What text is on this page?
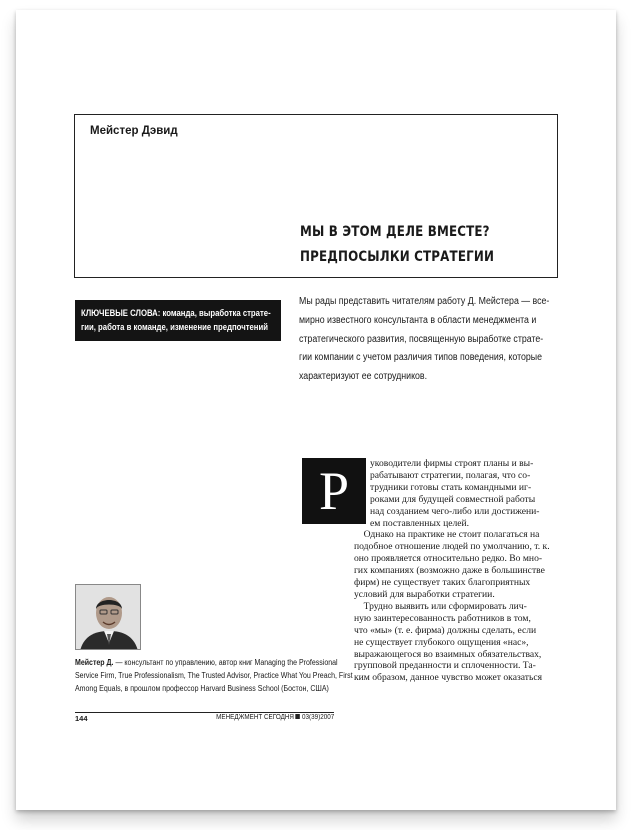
Мейстер Дэвид
МЫ В ЭТОМ ДЕЛЕ ВМЕСТЕ?
ПРЕДПОСЫЛКИ СТРАТЕГИИ
КЛЮЧЕВЫЕ СЛОВА: команда, выработка страте-
гии, работа в команде, изменение предпочтений
Мы рады представить читателям работу Д. Мейстера — все-
мирно известного консультанта в области менеджмента и
стратегического развития, посвященную выработке страте-
гии компании с учетом различия типов поведения, которые
характеризуют ее сотрудников.
Р	уководители фирмы строят планы и вы-
рабатывают стратегии, полагая, что со-
трудники готовы стать командными иг-
роками для будущей совместной работы
над созданием чего-либо или достижени-
ем поставленных целей.
Однако на практике не стоит полагаться на
подобное отношение людей по умолчанию, т. к.
оно проявляется относительно редко. Во мно-
гих компаниях (возможно даже в большинстве
фирм) не существует таких благоприятных
условий для выработки стратегии.
Трудно выявить или сформировать лич-
ную заинтересованность работников в том,
что «мы» (т. е. фирма) должны сделать, если
не существует глубокого ощущения «нас»,
выражающегося во взаимных обязательствах,
групповой преданности и сплоченности. Та-
ким образом, данное чувство может оказаться
Мейстер Д. — консультант по управлению, автор книг Managing the Professional
Service Firm, True Professionalism, The Trusted Advisor, Practice What You Preach, First
Among Equals, в прошлом профессор Harvard Business School (Бостон, США)
144	МЕНЕДЖМЕНТ СЕГОДНЯ 03(39)2007
